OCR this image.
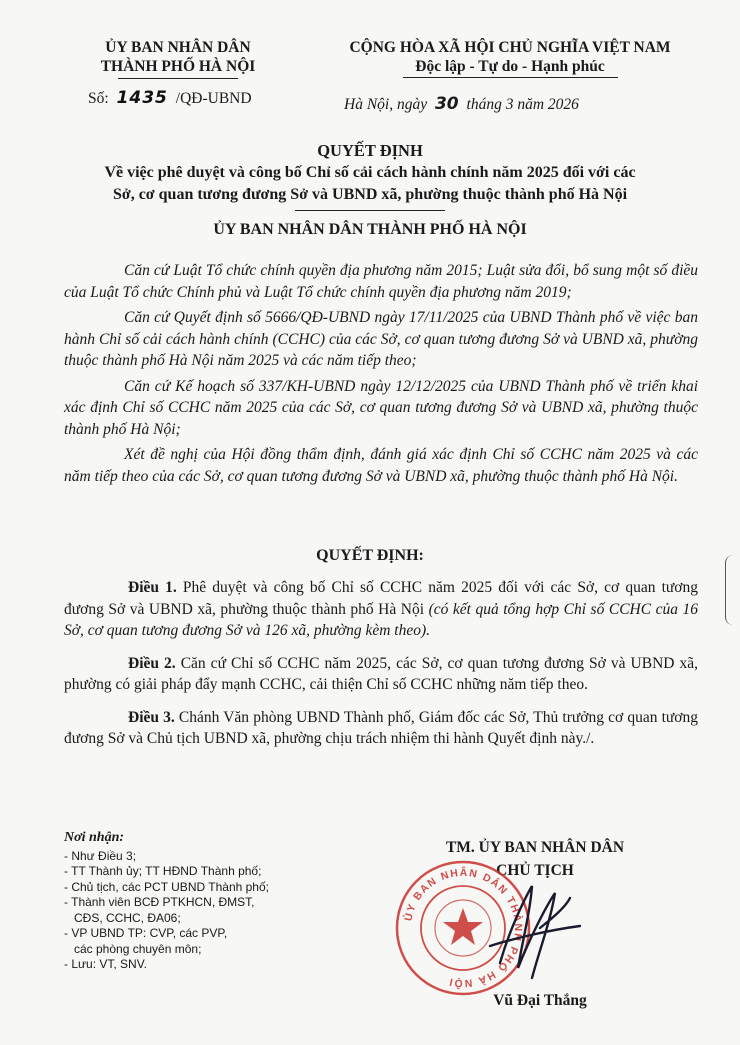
ỦY BAN NHÂN DÂN
THÀNH PHỐ HÀ NỘI
CỘNG HÒA XÃ HỘI CHỦ NGHĨA VIỆT NAM
Độc lập - Tự do - Hạnh phúc
Số: 1435 /QĐ-UBND	Hà Nội, ngày 30 tháng 3 năm 2026
QUYẾT ĐỊNH
Về việc phê duyệt và công bố Chỉ số cải cách hành chính năm 2025 đối với các
Sở, cơ quan tương đương Sở và UBND xã, phường thuộc thành phố Hà Nội
ỦY BAN NHÂN DÂN THÀNH PHỐ HÀ NỘI

Căn cứ Luật Tổ chức chính quyền địa phương năm 2015; Luật sửa đổi, bổ sung một số điều của Luật Tổ chức Chính phủ và Luật Tổ chức chính quyền địa phương năm 2019;

Căn cứ Quyết định số 5666/QĐ-UBND ngày 17/11/2025 của UBND Thành phố về việc ban hành Chỉ số cải cách hành chính (CCHC) của các Sở, cơ quan tương đương Sở và UBND xã, phường thuộc thành phố Hà Nội năm 2025 và các năm tiếp theo;

Căn cứ Kế hoạch số 337/KH-UBND ngày 12/12/2025 của UBND Thành phố về triển khai xác định Chỉ số CCHC năm 2025 của các Sở, cơ quan tương đương Sở và UBND xã, phường thuộc thành phố Hà Nội;

Xét đề nghị của Hội đồng thẩm định, đánh giá xác định Chỉ số CCHC năm 2025 và các năm tiếp theo của các Sở, cơ quan tương đương Sở và UBND xã, phường thuộc thành phố Hà Nội.

QUYẾT ĐỊNH:

Điều 1. Phê duyệt và công bố Chỉ số CCHC năm 2025 đối với các Sở, cơ quan tương đương Sở và UBND xã, phường thuộc thành phố Hà Nội (có kết quả tổng hợp Chỉ số CCHC của 16 Sở, cơ quan tương đương Sở và 126 xã, phường kèm theo).

Điều 2. Căn cứ Chỉ số CCHC năm 2025, các Sở, cơ quan tương đương Sở và UBND xã, phường có giải pháp đẩy mạnh CCHC, cải thiện Chỉ số CCHC những năm tiếp theo.

Điều 3. Chánh Văn phòng UBND Thành phố, Giám đốc các Sở, Thủ trưởng cơ quan tương đương Sở và Chủ tịch UBND xã, phường chịu trách nhiệm thi hành Quyết định này./.

Nơi nhận:
- Như Điều 3;
- TT Thành ủy; TT HĐND Thành phố;
- Chủ tịch, các PCT UBND Thành phố;
- Thành viên BCĐ PTKHCN, ĐMST,
CĐS, CCHC, ĐA06;
- VP UBND TP: CVP, các PVP,
các phòng chuyên môn;
- Lưu: VT, SNV.
TM. ỦY BAN NHÂN DÂN
CHỦ TỊCH
ỦY BAN NHÂN DÂN THÀNH PHỐ HÀ NỘI
Vũ Đại Thắng
